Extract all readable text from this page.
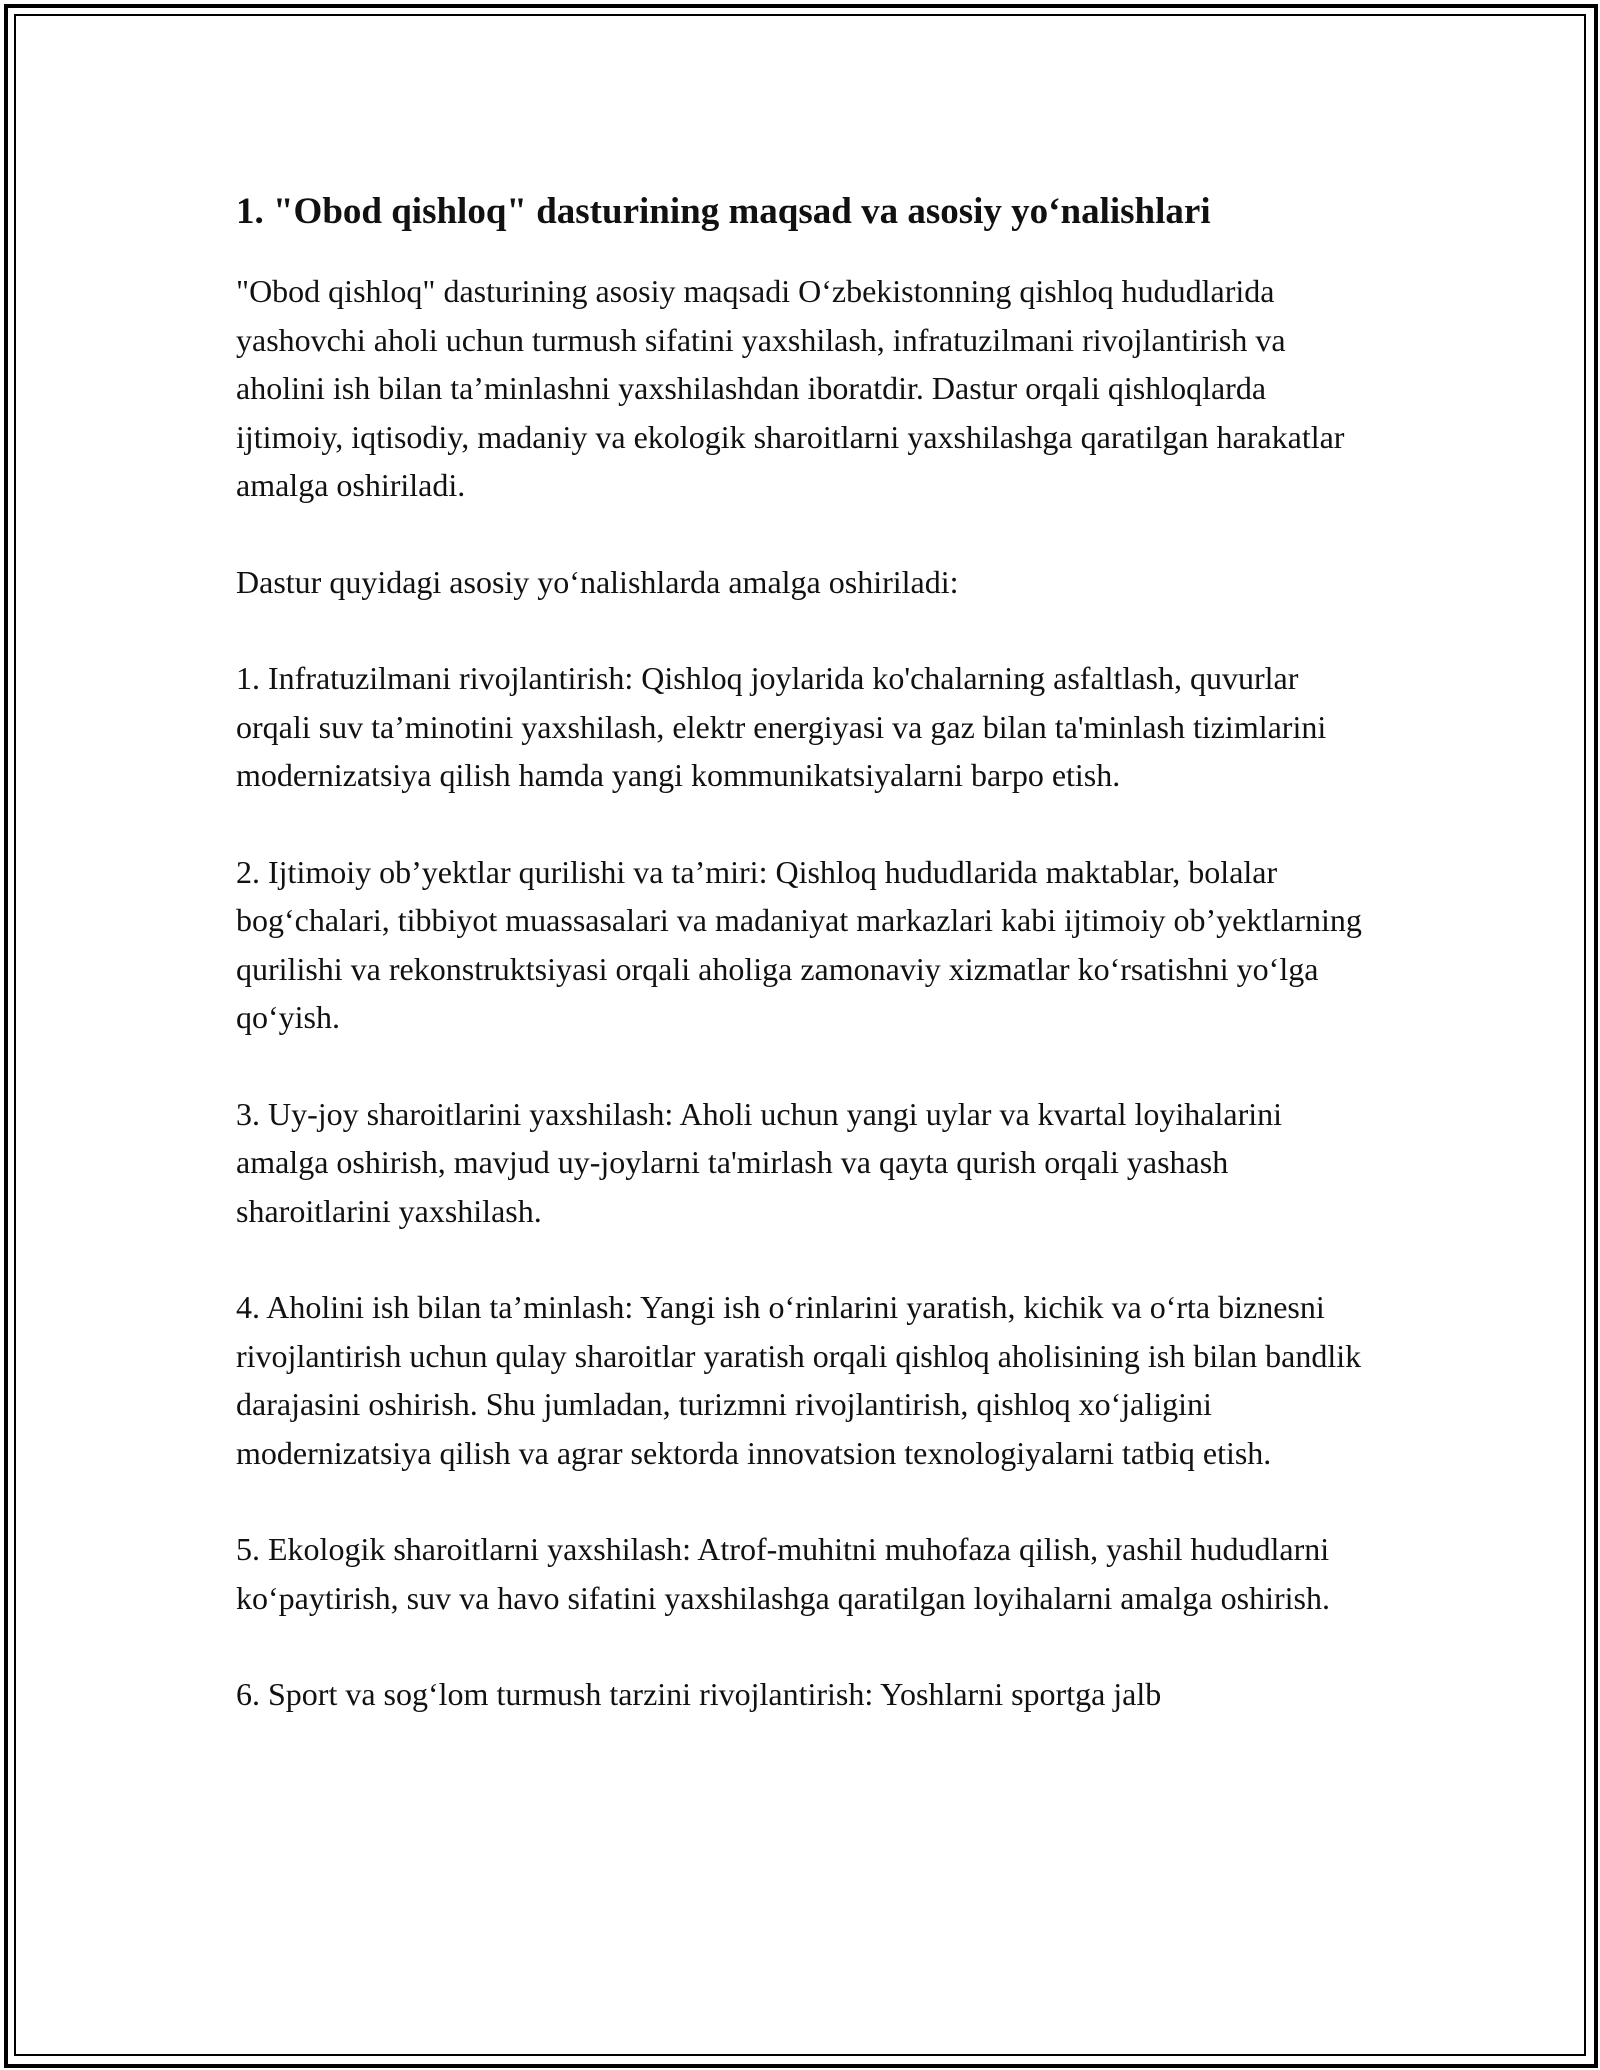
1. "Obod qishloq" dasturining maqsad va asosiy yo‘nalishlari

"Obod qishloq" dasturining asosiy maqsadi O‘zbekistonning qishloq hududlarida yashovchi aholi uchun turmush sifatini yaxshilash, infratuzilmani rivojlantirish va aholini ish bilan ta’minlashni yaxshilashdan iboratdir. Dastur orqali qishloqlarda ijtimoiy, iqtisodiy, madaniy va ekologik sharoitlarni yaxshilashga qaratilgan harakatlar amalga oshiriladi.

Dastur quyidagi asosiy yo‘nalishlarda amalga oshiriladi:

1. Infratuzilmani rivojlantirish: Qishloq joylarida ko'chalarning asfaltlash, quvurlar orqali suv ta’minotini yaxshilash, elektr energiyasi va gaz bilan ta'minlash tizimlarini modernizatsiya qilish hamda yangi kommunikatsiyalarni barpo etish.

2. Ijtimoiy ob’yektlar qurilishi va ta’miri: Qishloq hududlarida maktablar, bolalar bog‘chalari, tibbiyot muassasalari va madaniyat markazlari kabi ijtimoiy ob’yektlarning qurilishi va rekonstruktsiyasi orqali aholiga zamonaviy xizmatlar ko‘rsatishni yo‘lga qo‘yish.

3. Uy-joy sharoitlarini yaxshilash: Aholi uchun yangi uylar va kvartal loyihalarini amalga oshirish, mavjud uy-joylarni ta'mirlash va qayta qurish orqali yashash sharoitlarini yaxshilash.

4. Aholini ish bilan ta’minlash: Yangi ish o‘rinlarini yaratish, kichik va o‘rta biznesni rivojlantirish uchun qulay sharoitlar yaratish orqali qishloq aholisining ish bilan bandlik darajasini oshirish. Shu jumladan, turizmni rivojlantirish, qishloq xo‘jaligini modernizatsiya qilish va agrar sektorda innovatsion texnologiyalarni tatbiq etish.

5. Ekologik sharoitlarni yaxshilash: Atrof-muhitni muhofaza qilish, yashil hududlarni ko‘paytirish, suv va havo sifatini yaxshilashga qaratilgan loyihalarni amalga oshirish.

6. Sport va sog‘lom turmush tarzini rivojlantirish: Yoshlarni sportga jalb
